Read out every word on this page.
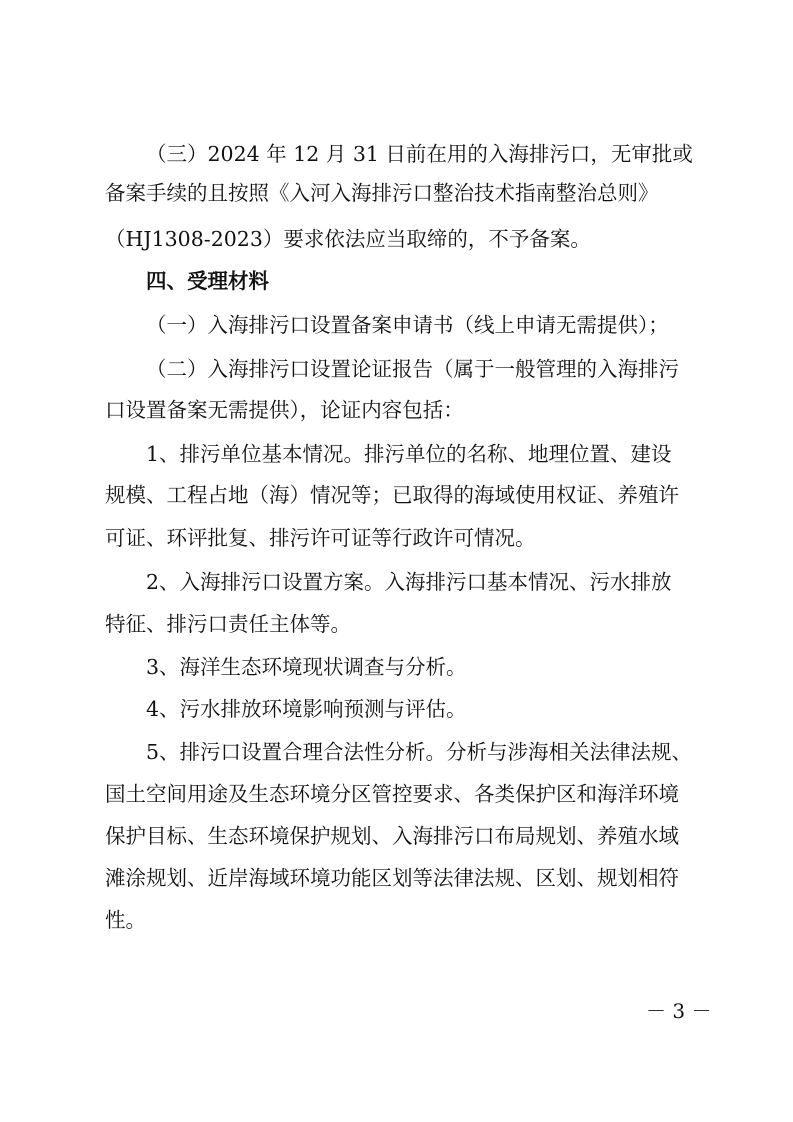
（三）2024 年 12 月 31 日前在用的入海排污口，无审批或
备案手续的且按照《入河入海排污口整治技术指南整治总则》
（HJ1308-2023）要求依法应当取缔的，不予备案。
四、受理材料
（一）入海排污口设置备案申请书（线上申请无需提供）；
（二）入海排污口设置论证报告（属于一般管理的入海排污
口设置备案无需提供），论证内容包括：
1、排污单位基本情况。排污单位的名称、地理位置、建设
规模、工程占地（海）情况等；已取得的海域使用权证、养殖许
可证、环评批复、排污许可证等行政许可情况。
2、入海排污口设置方案。入海排污口基本情况、污水排放
特征、排污口责任主体等。
3、海洋生态环境现状调查与分析。
4、污水排放环境影响预测与评估。
5、排污口设置合理合法性分析。分析与涉海相关法律法规、
国土空间用途及生态环境分区管控要求、各类保护区和海洋环境
保护目标、生态环境保护规划、入海排污口布局规划、养殖水域
滩涂规划、近岸海域环境功能区划等法律法规、区划、规划相符
性。
－ 3 －
